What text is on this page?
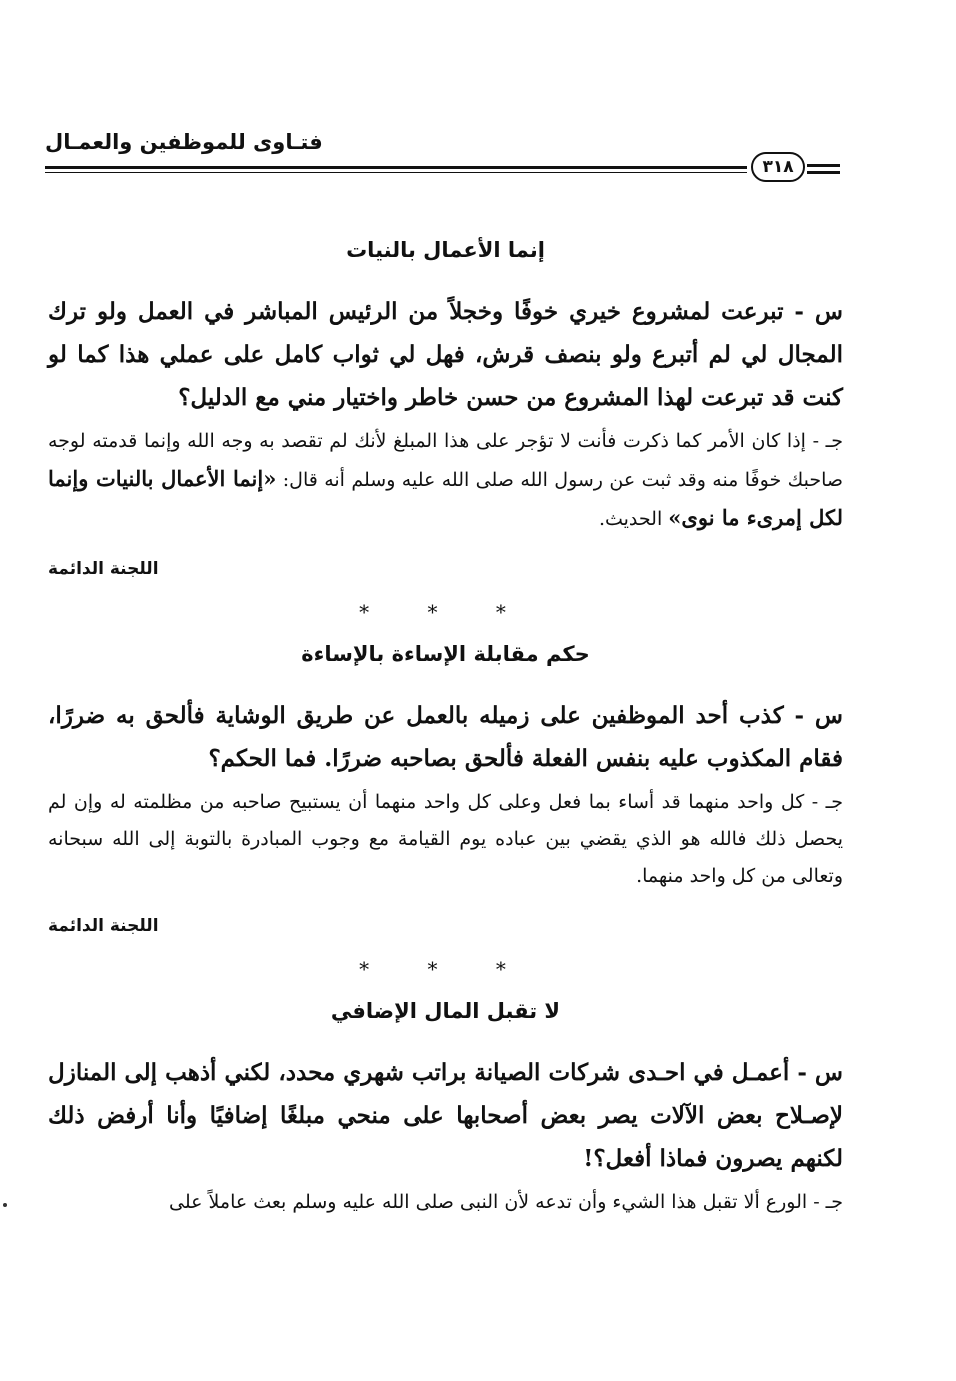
فتـاوى للموظفين والعمـال
٣١٨
إنما الأعمال بالنيات

س - تبرعت لمشروع خيري خوفًا وخجلاً من الرئيس المباشر في العمل ولو ترك المجال لي لم أتبرع ولو بنصف قرش، فهل لي ثواب كامل على عملي هذا كما لو كنت قد تبرعت لهذا المشروع من حسن خاطر واختيار مني مع الدليل؟

جـ - إذا كان الأمر كما ذكرت فأنت لا تؤجر على هذا المبلغ لأنك لم تقصد به وجه الله وإنما قدمته لوجه صاحبك خوفًا منه وقد ثبت عن رسول الله صلى الله عليه وسلم أنه قال: «إنما الأعمال بالنيات وإنما لكل إمرىء ما نوى» الحديث.

اللجنة الدائمة
* * *
حكم مقابلة الإساءة بالإساءة

س - كذب أحد الموظفين على زميله بالعمل عن طريق الوشاية فألحق به ضررًا، فقام المكذوب عليه بنفس الفعلة فألحق بصاحبه ضررًا. فما الحكم؟

جـ - كل واحد منهما قد أساء بما فعل وعلى كل واحد منهما أن يستبيح صاحبه من مظلمته له وإن لم يحصل ذلك فالله هو الذي يقضي بين عباده يوم القيامة مع وجوب المبادرة بالتوبة إلى الله سبحانه وتعالى من كل واحد منهما.

اللجنة الدائمة
* * *
لا تقبل المال الإضافي

س - أعمـل في احـدى شركات الصيانة براتب شهري محدد، لكني أذهب إلى المنازل لإصـلاح بعض الآلات يصر بعض أصحابها على منحي مبلغًا إضافيًا وأنا أرفض ذلك لكنهم يصرون فماذا أفعل؟!

جـ - الورع ألا تقبل هذا الشيء وأن تدعه لأن النبى صلى الله عليه وسلم بعث عاملاً على
